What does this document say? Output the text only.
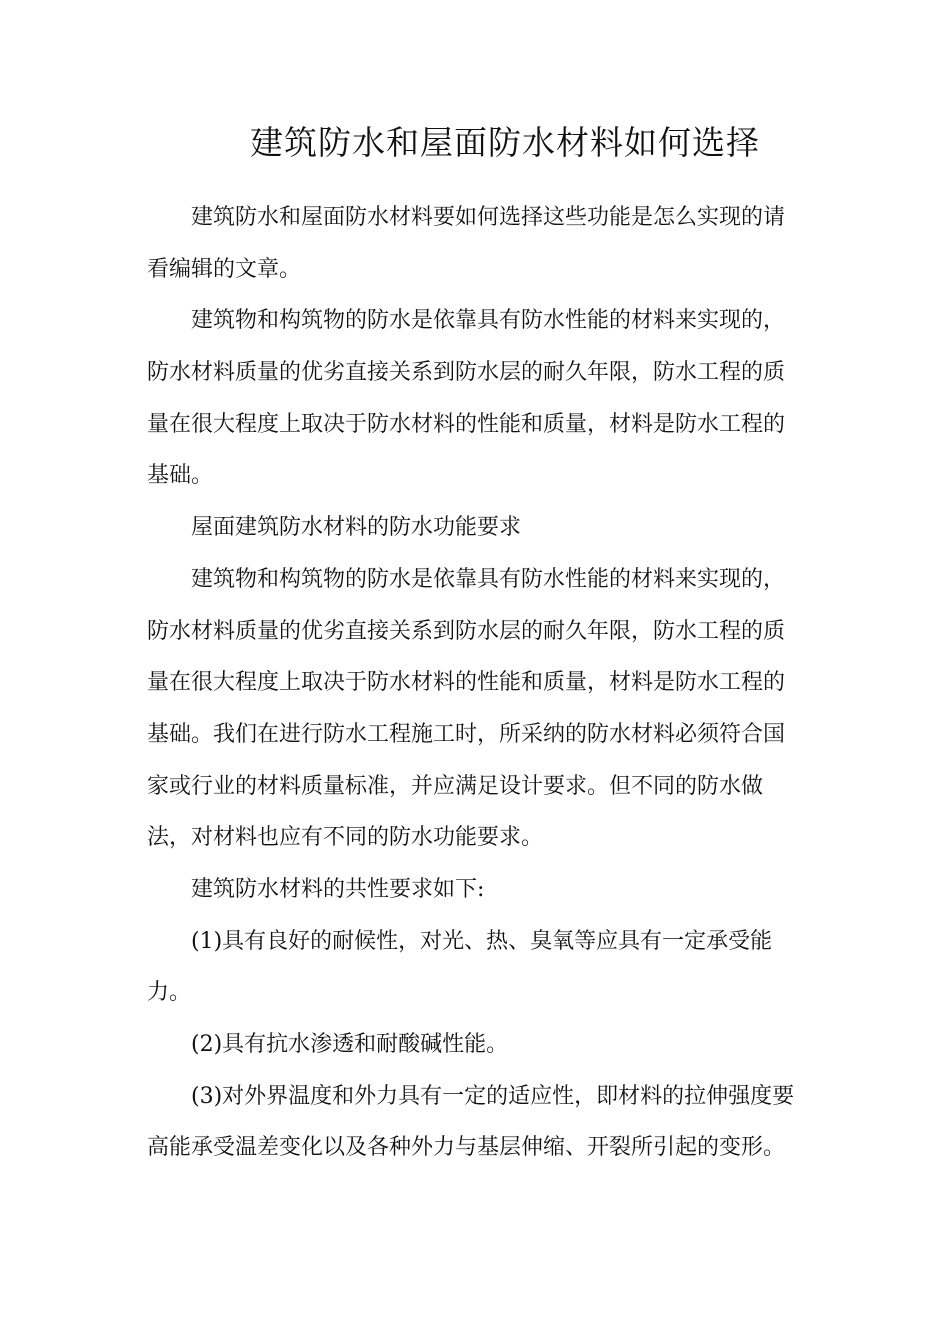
建筑防水和屋面防水材料如何选择
建筑防水和屋面防水材料要如何选择这些功能是怎么实现的请
看编辑的文章。
建筑物和构筑物的防水是依靠具有防水性能的材料来实现的，
防水材料质量的优劣直接关系到防水层的耐久年限，防水工程的质
量在很大程度上取决于防水材料的性能和质量，材料是防水工程的
基础。
屋面建筑防水材料的防水功能要求
建筑物和构筑物的防水是依靠具有防水性能的材料来实现的，
防水材料质量的优劣直接关系到防水层的耐久年限，防水工程的质
量在很大程度上取决于防水材料的性能和质量，材料是防水工程的
基础。我们在进行防水工程施工时，所采纳的防水材料必须符合国
家或行业的材料质量标准，并应满足设计要求。但不同的防水做
法，对材料也应有不同的防水功能要求。
建筑防水材料的共性要求如下:
(1)具有良好的耐候性，对光、热、臭氧等应具有一定承受能
力。
(2)具有抗水渗透和耐酸碱性能。
(3)对外界温度和外力具有一定的适应性，即材料的拉伸强度要
高能承受温差变化以及各种外力与基层伸缩、开裂所引起的变形。
